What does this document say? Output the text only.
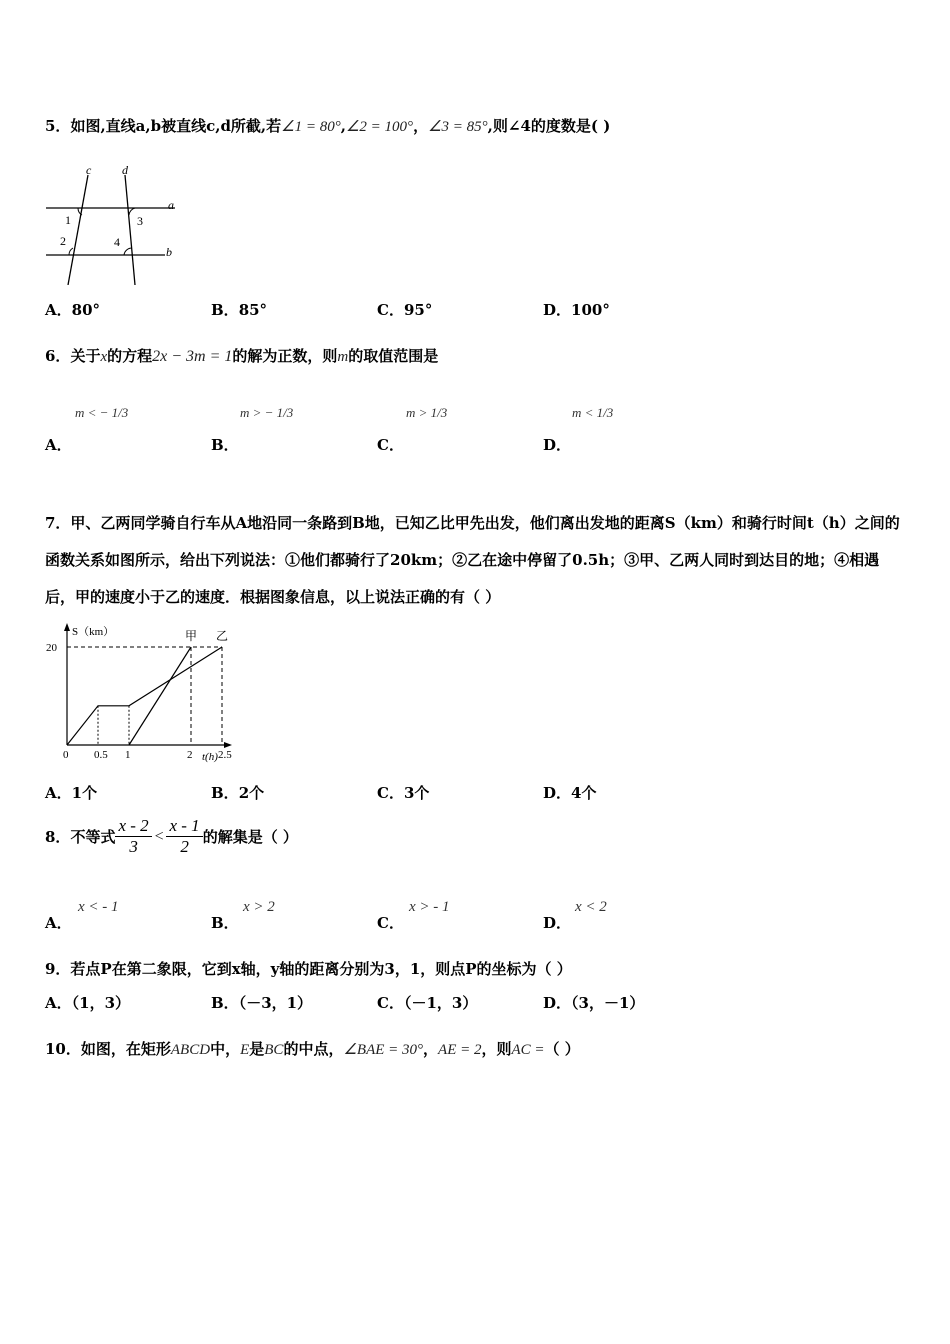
5．如图,直线a,b被直线c,d所截,若∠1 = 80°,∠2 = 100°，∠3 = 85°,则∠4的度数是( )
c	d
a
b
1
2
3
4
A．80°	B．85°	C．95°	D．100°
6．关于x的方程2x − 3m = 1的解为正数，则m的取值范围是
m < − 1/3	m > − 1/3	m > 1/3	m < 1/3
A．	B．	C．	D．
7．甲、乙两同学骑自行车从A地沿同一条路到B地，已知乙比甲先出发，他们离出发地的距离S（km）和骑行时间t（h）之间的函数关系如图所示，给出下列说法：①他们都骑行了20km；②乙在途中停留了0.5h；③甲、乙两人同时到达目的地；④相遇后，甲的速度小于乙的速度．根据图象信息，以上说法正确的有（ ）
S（km）
t(h)
0 0.5 1	2 2.5
20
甲 乙
A．1个	B．2个	C．3个	D．4个
8．不等式 $\frac{x - 2}{3} < \frac{x - 1}{2}$ 的解集是（ ）
x < - 1	x > 2	x > - 1	x < 2
A．	B．	C．	D．
9．若点P在第二象限，它到x轴，y轴的距离分别为3，1，则点P的坐标为（ ）
A．（1，3）	B．（－3，1）	C．（－1，3）	D．（3，－1）
10．如图，在矩形ABCD中，E是BC的中点，∠BAE = 30°，AE = 2，则AC =（ ）
